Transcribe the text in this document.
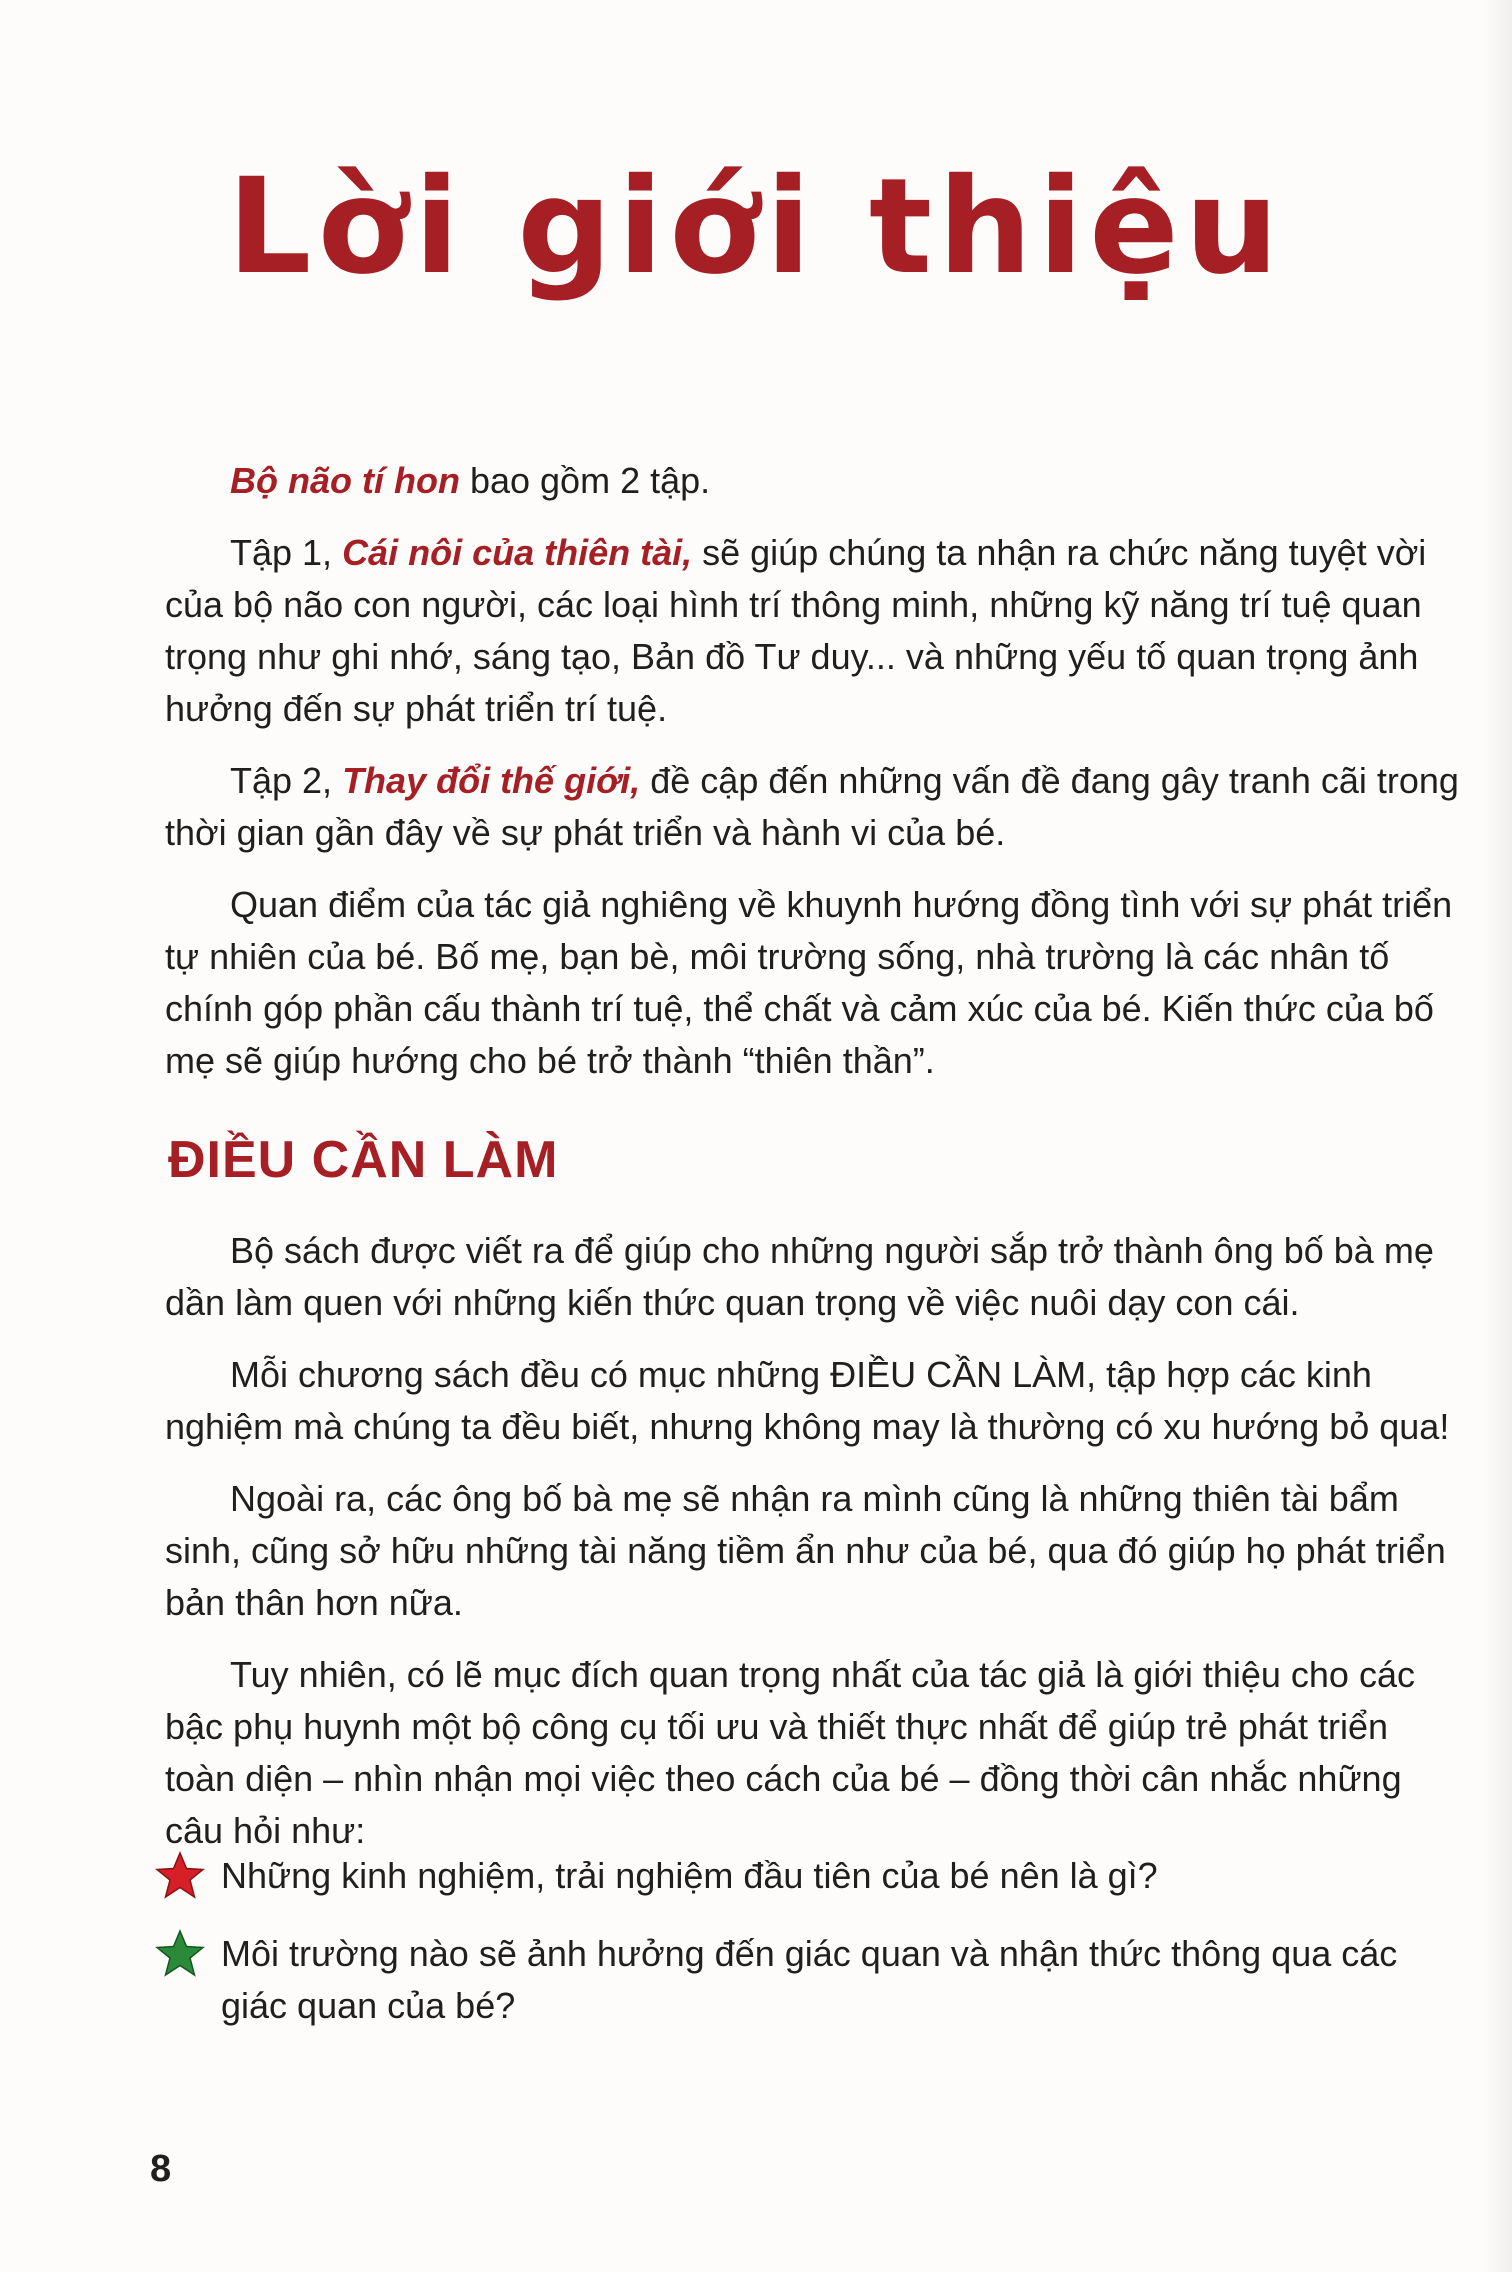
Lời giới thiệu

Bộ não tí hon bao gồm 2 tập.

Tập 1, Cái nôi của thiên tài, sẽ giúp chúng ta nhận ra chức năng tuyệt vời của bộ não con người, các loại hình trí thông minh, những kỹ năng trí tuệ quan trọng như ghi nhớ, sáng tạo, Bản đồ Tư duy... và những yếu tố quan trọng ảnh hưởng đến sự phát triển trí tuệ.

Tập 2, Thay đổi thế giới, đề cập đến những vấn đề đang gây tranh cãi trong thời gian gần đây về sự phát triển và hành vi của bé.

Quan điểm của tác giả nghiêng về khuynh hướng đồng tình với sự phát triển tự nhiên của bé. Bố mẹ, bạn bè, môi trường sống, nhà trường là các nhân tố chính góp phần cấu thành trí tuệ, thể chất và cảm xúc của bé. Kiến thức của bố mẹ sẽ giúp hướng cho bé trở thành “thiên thần”.

ĐIỀU CẦN LÀM

Bộ sách được viết ra để giúp cho những người sắp trở thành ông bố bà mẹ dần làm quen với những kiến thức quan trọng về việc nuôi dạy con cái.

Mỗi chương sách đều có mục những ĐIỀU CẦN LÀM, tập hợp các kinh nghiệm mà chúng ta đều biết, nhưng không may là thường có xu hướng bỏ qua!

Ngoài ra, các ông bố bà mẹ sẽ nhận ra mình cũng là những thiên tài bẩm sinh, cũng sở hữu những tài năng tiềm ẩn như của bé, qua đó giúp họ phát triển bản thân hơn nữa.

Tuy nhiên, có lẽ mục đích quan trọng nhất của tác giả là giới thiệu cho các bậc phụ huynh một bộ công cụ tối ưu và thiết thực nhất để giúp trẻ phát triển toàn diện – nhìn nhận mọi việc theo cách của bé – đồng thời cân nhắc những câu hỏi như:

Những kinh nghiệm, trải nghiệm đầu tiên của bé nên là gì?
Môi trường nào sẽ ảnh hưởng đến giác quan và nhận thức thông qua các giác quan của bé?
8
